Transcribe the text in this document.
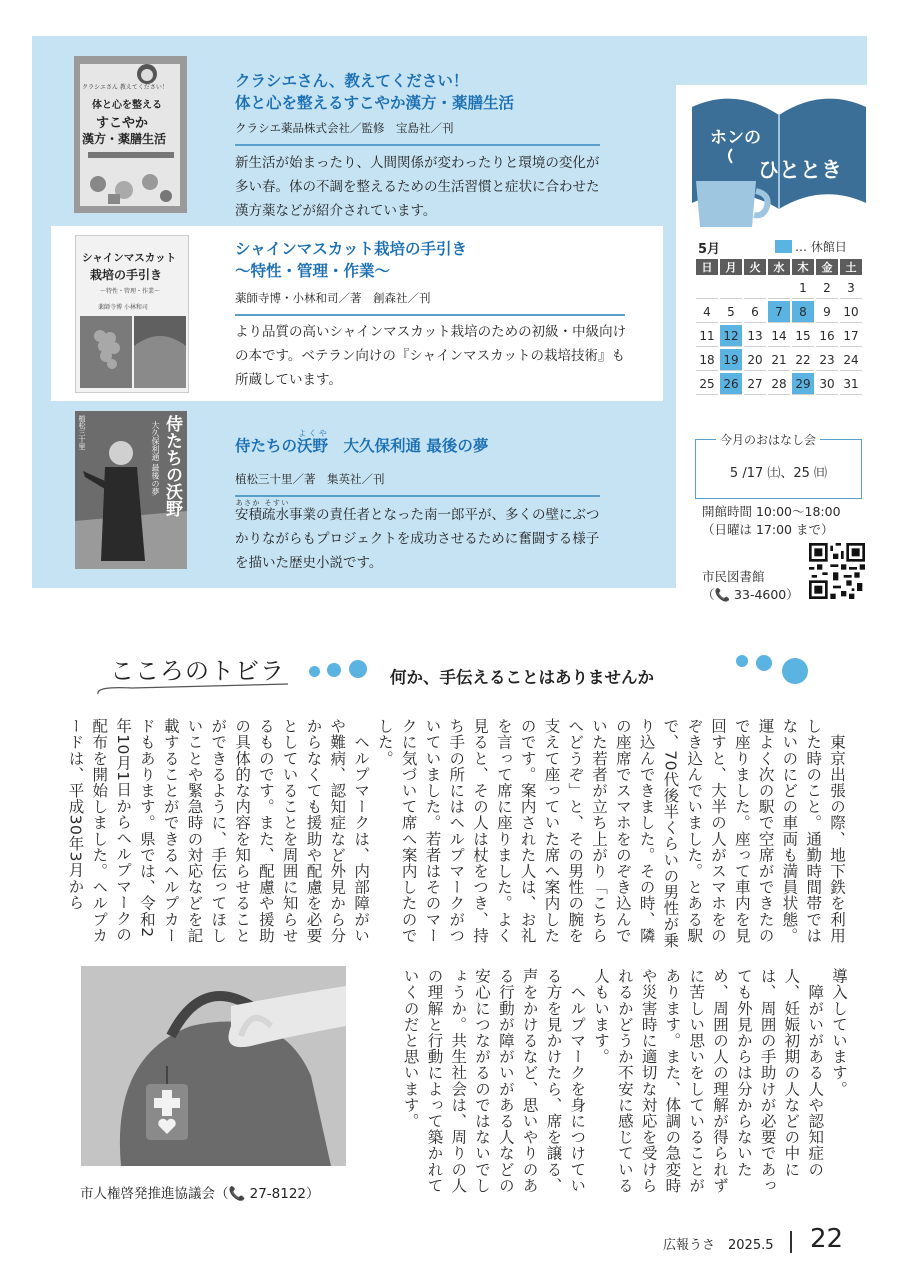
クラシエさん 教えてください！
体と心を整える
すこやか
漢方・薬膳生活
クラシエさん、教えてください！
体と心を整えるすこやか漢方・薬膳生活
クラシエ薬品株式会社／監修　宝島社／刊
新生活が始まったり、人間関係が変わったりと環境の変化が多い春。体の不調を整えるための生活習慣と症状に合わせた漢方薬などが紹介されています。
シャインマスカット
栽培の手引き
～特性・管理・作業～
薬師寺博 小林和司
シャインマスカット栽培の手引き
～特性・管理・作業～
薬師寺博・小林和司／著　創森社／刊
より品質の高いシャインマスカット栽培のための初級・中級向けの本です。ベテラン向けの『シャインマスカットの栽培技術』も所蔵しています。
植松三十里	侍たちの沃野
大久保利通 最後の夢	侍たちの沃野よくや　大久保利通 最後の夢
植松三十里／著　集英社／刊
安積疏水あさか そすい事業の責任者となった南一郎平が、多くの壁にぶつかりながらもプロジェクトを成功させるために奮闘する様子を描いた歴史小説です。
ホンの
ひととき
5月	… 休館日
日	月	火	水	木	金	土
				1	2	3
4	5	6	7	8	9	10
11	12	13	14	15	16	17
18	19	20	21	22	23	24
25	26	27	28	29	30	31
今月のおはなし会
5 /17 ㈯、25 ㈰
開館時間 10:00～18:00
（日曜は 17:00 まで）
市民図書館
（📞 33-4600）
こころのトビラ	何か、手伝えることはありませんか
　東京出張の際、地下鉄を利用した時のこと。通勤時間帯ではないのにどの車両も満員状態。運よく次の駅で空席ができたので座りました。座って車内を見回すと、大半の人がスマホをのぞき込んでいました。とある駅で、70代後半くらいの男性が乗り込んできました。その時、隣の座席でスマホをのぞき込んでいた若者が立ち上がり「こちらへどうぞ」と、その男性の腕を支えて座っていた席へ案内したのです。案内された人は、お礼を言って席に座りました。よく見ると、その人は杖をつき、持ち手の所にはヘルプマークがついていました。若者はそのマークに気づいて席へ案内したのでした。
　ヘルプマークは、内部障がいや難病、認知症など外見から分からなくても援助や配慮を必要としていることを周囲に知らせるものです。また、配慮や援助の具体的な内容を知らせることができるように、手伝ってほしいことや緊急時の対応などを記載することができるヘルプカードもあります。県では、令和2年10月1日からヘルプマークの配布を開始しました。ヘルプカードは、平成30年3月から
導入しています。
　障がいがある人や認知症の人、妊娠初期の人などの中には、周囲の手助けが必要であっても外見からは分からないため、周囲の人の理解が得られずに苦しい思いをしていることがあります。また、体調の急変時や災害時に適切な対応を受けられるかどうか不安に感じている人もいます。
　ヘルプマークを身につけている方を見かけたら、席を譲る、声をかけるなど、思いやりのある行動が障がいがある人などの安心につながるのではないでしょうか。共生社会は、周りの人の理解と行動によって築かれていくのだと思います。
市人権啓発推進協議会（📞 27-8122）
広報うさ　2025.5 22
